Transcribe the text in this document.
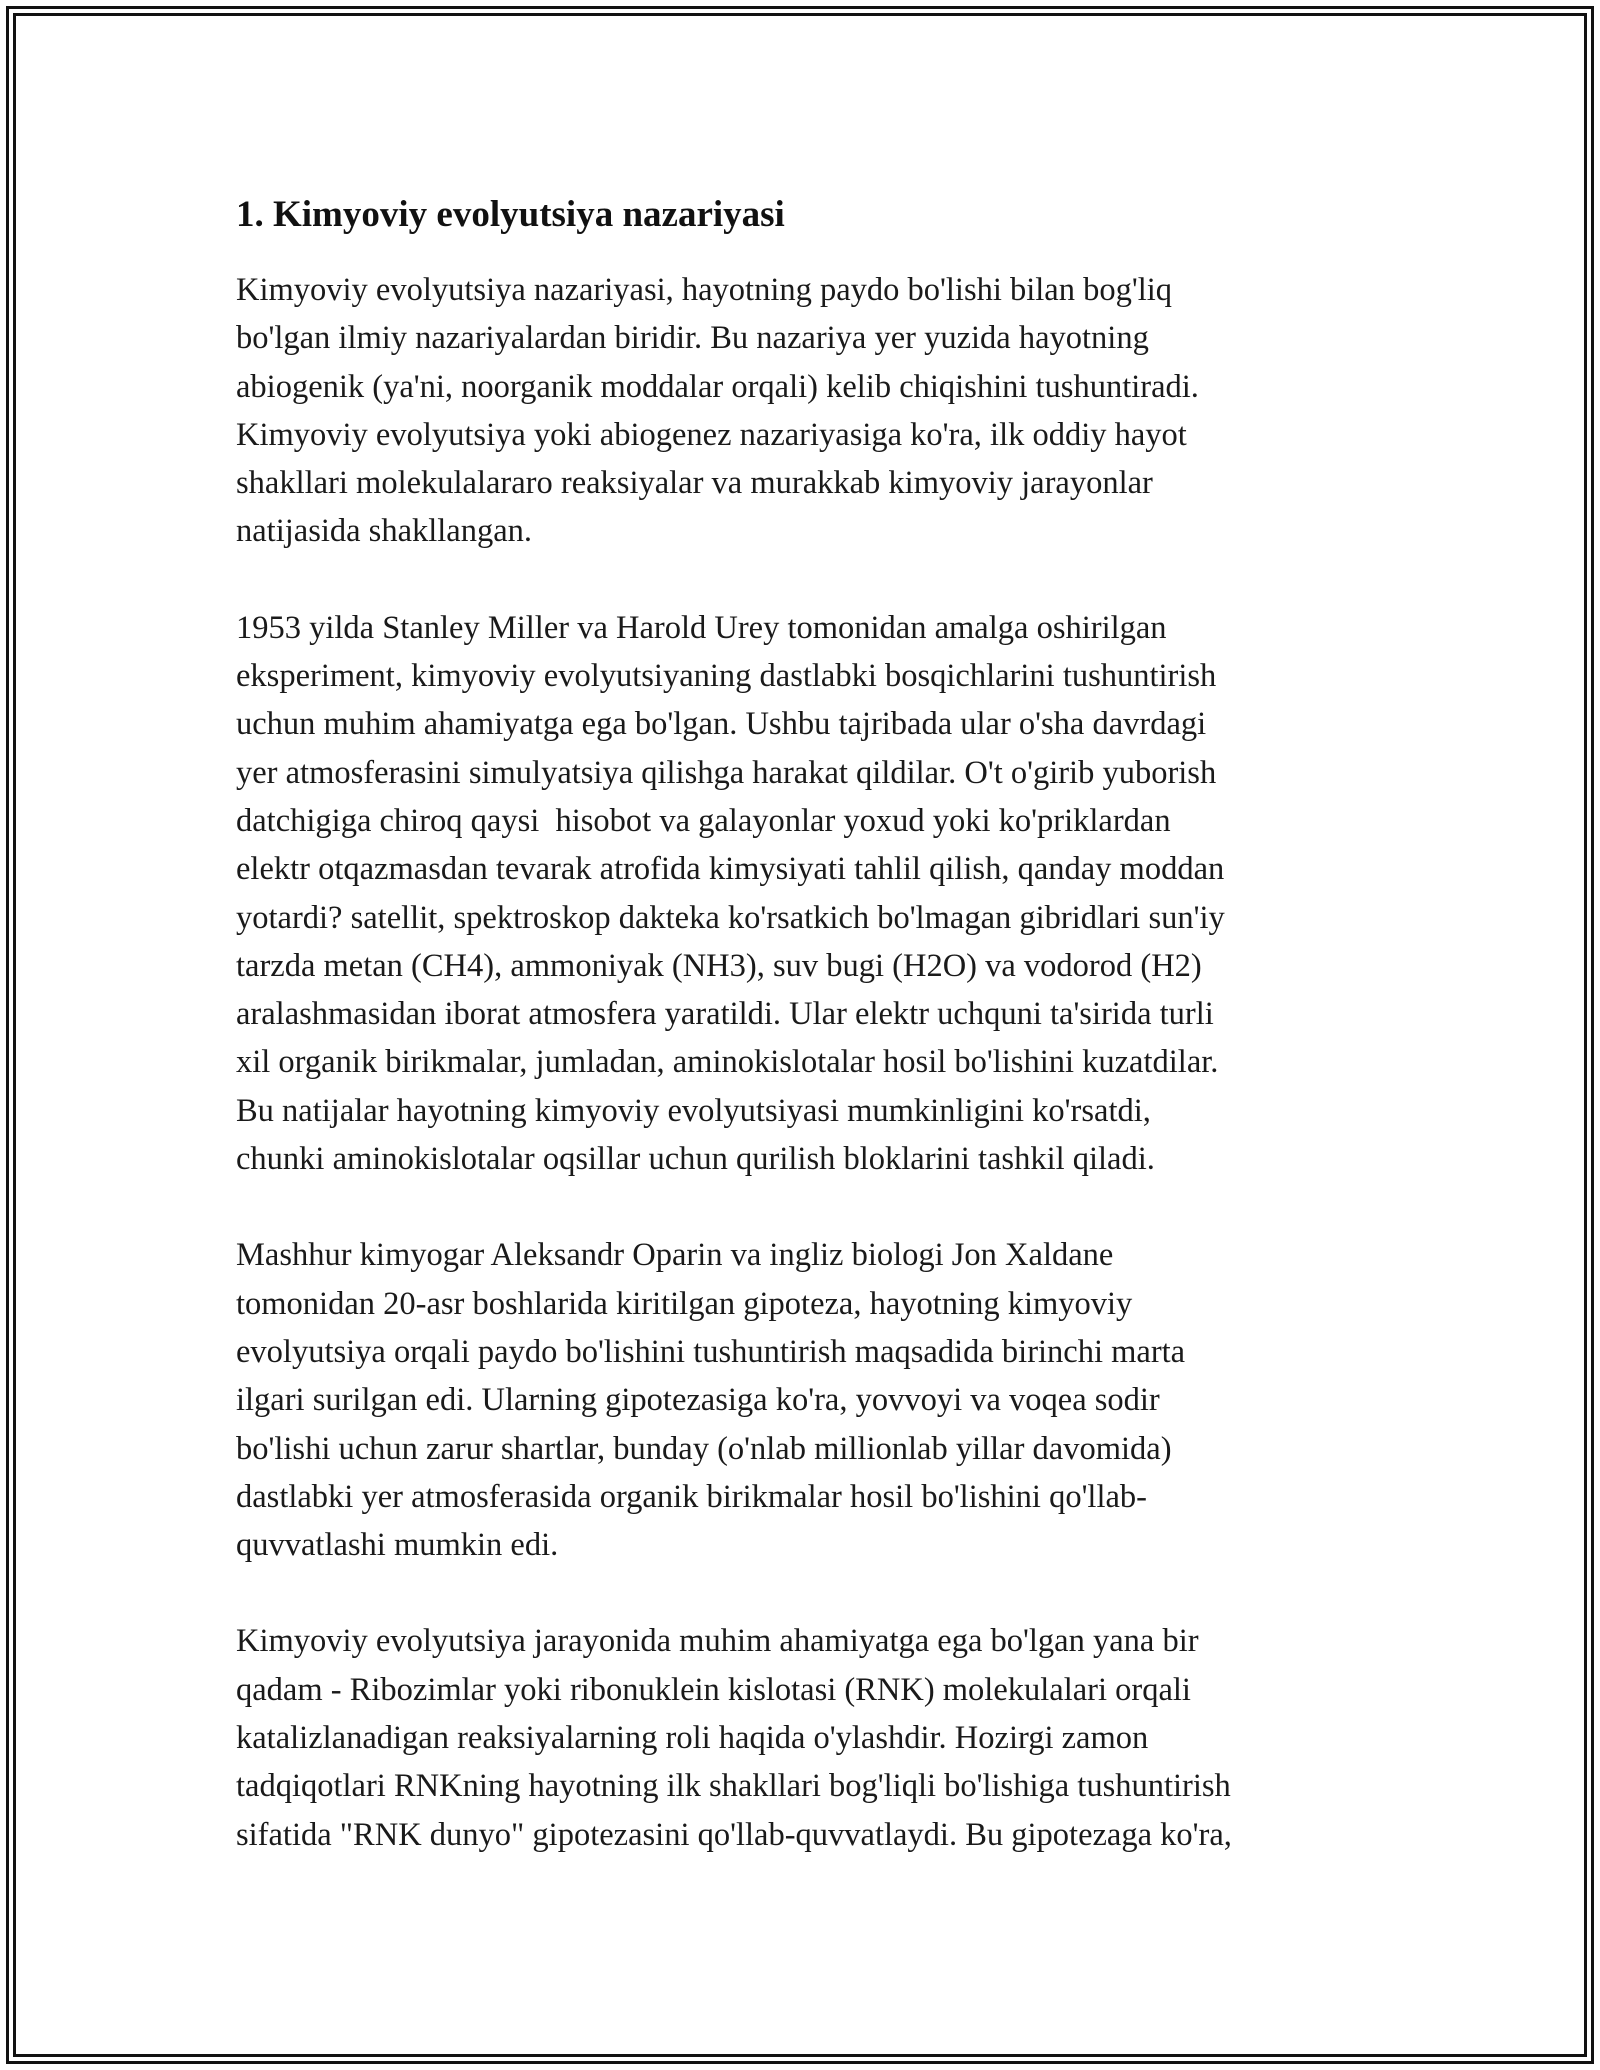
1. Kimyoviy evolyutsiya nazariyasi

Kimyoviy evolyutsiya nazariyasi, hayotning paydo bo'lishi bilan bog'liq
bo'lgan ilmiy nazariyalardan biridir. Bu nazariya yer yuzida hayotning
abiogenik (ya'ni, noorganik moddalar orqali) kelib chiqishini tushuntiradi.
Kimyoviy evolyutsiya yoki abiogenez nazariyasiga ko'ra, ilk oddiy hayot
shakllari molekulalararo reaksiyalar va murakkab kimyoviy jarayonlar
natijasida shakllangan.

1953 yilda Stanley Miller va Harold Urey tomonidan amalga oshirilgan
eksperiment, kimyoviy evolyutsiyaning dastlabki bosqichlarini tushuntirish
uchun muhim ahamiyatga ega bo'lgan. Ushbu tajribada ular o'sha davrdagi
yer atmosferasini simulyatsiya qilishga harakat qildilar. O't o'girib yuborish
datchigiga chiroq qaysi  hisobot va galayonlar yoxud yoki ko'priklardan
elektr otqazmasdan tevarak atrofida kimysiyati tahlil qilish, qanday moddan
yotardi? satellit, spektroskop dakteka ko'rsatkich bo'lmagan gibridlari sun'iy
tarzda metan (CH4), ammoniyak (NH3), suv bugi (H2O) va vodorod (H2)
aralashmasidan iborat atmosfera yaratildi. Ular elektr uchquni ta'sirida turli
xil organik birikmalar, jumladan, aminokislotalar hosil bo'lishini kuzatdilar.
Bu natijalar hayotning kimyoviy evolyutsiyasi mumkinligini ko'rsatdi,
chunki aminokislotalar oqsillar uchun qurilish bloklarini tashkil qiladi.

Mashhur kimyogar Aleksandr Oparin va ingliz biologi Jon Xaldane
tomonidan 20-asr boshlarida kiritilgan gipoteza, hayotning kimyoviy
evolyutsiya orqali paydo bo'lishini tushuntirish maqsadida birinchi marta
ilgari surilgan edi. Ularning gipotezasiga ko'ra, yovvoyi va voqea sodir
bo'lishi uchun zarur shartlar, bunday (o'nlab millionlab yillar davomida)
dastlabki yer atmosferasida organik birikmalar hosil bo'lishini qo'llab-
quvvatlashi mumkin edi.

Kimyoviy evolyutsiya jarayonida muhim ahamiyatga ega bo'lgan yana bir
qadam - Ribozimlar yoki ribonuklein kislotasi (RNK) molekulalari orqali
katalizlanadigan reaksiyalarning roli haqida o'ylashdir. Hozirgi zamon
tadqiqotlari RNKning hayotning ilk shakllari bog'liqli bo'lishiga tushuntirish
sifatida "RNK dunyo" gipotezasini qo'llab-quvvatlaydi. Bu gipotezaga ko'ra,
